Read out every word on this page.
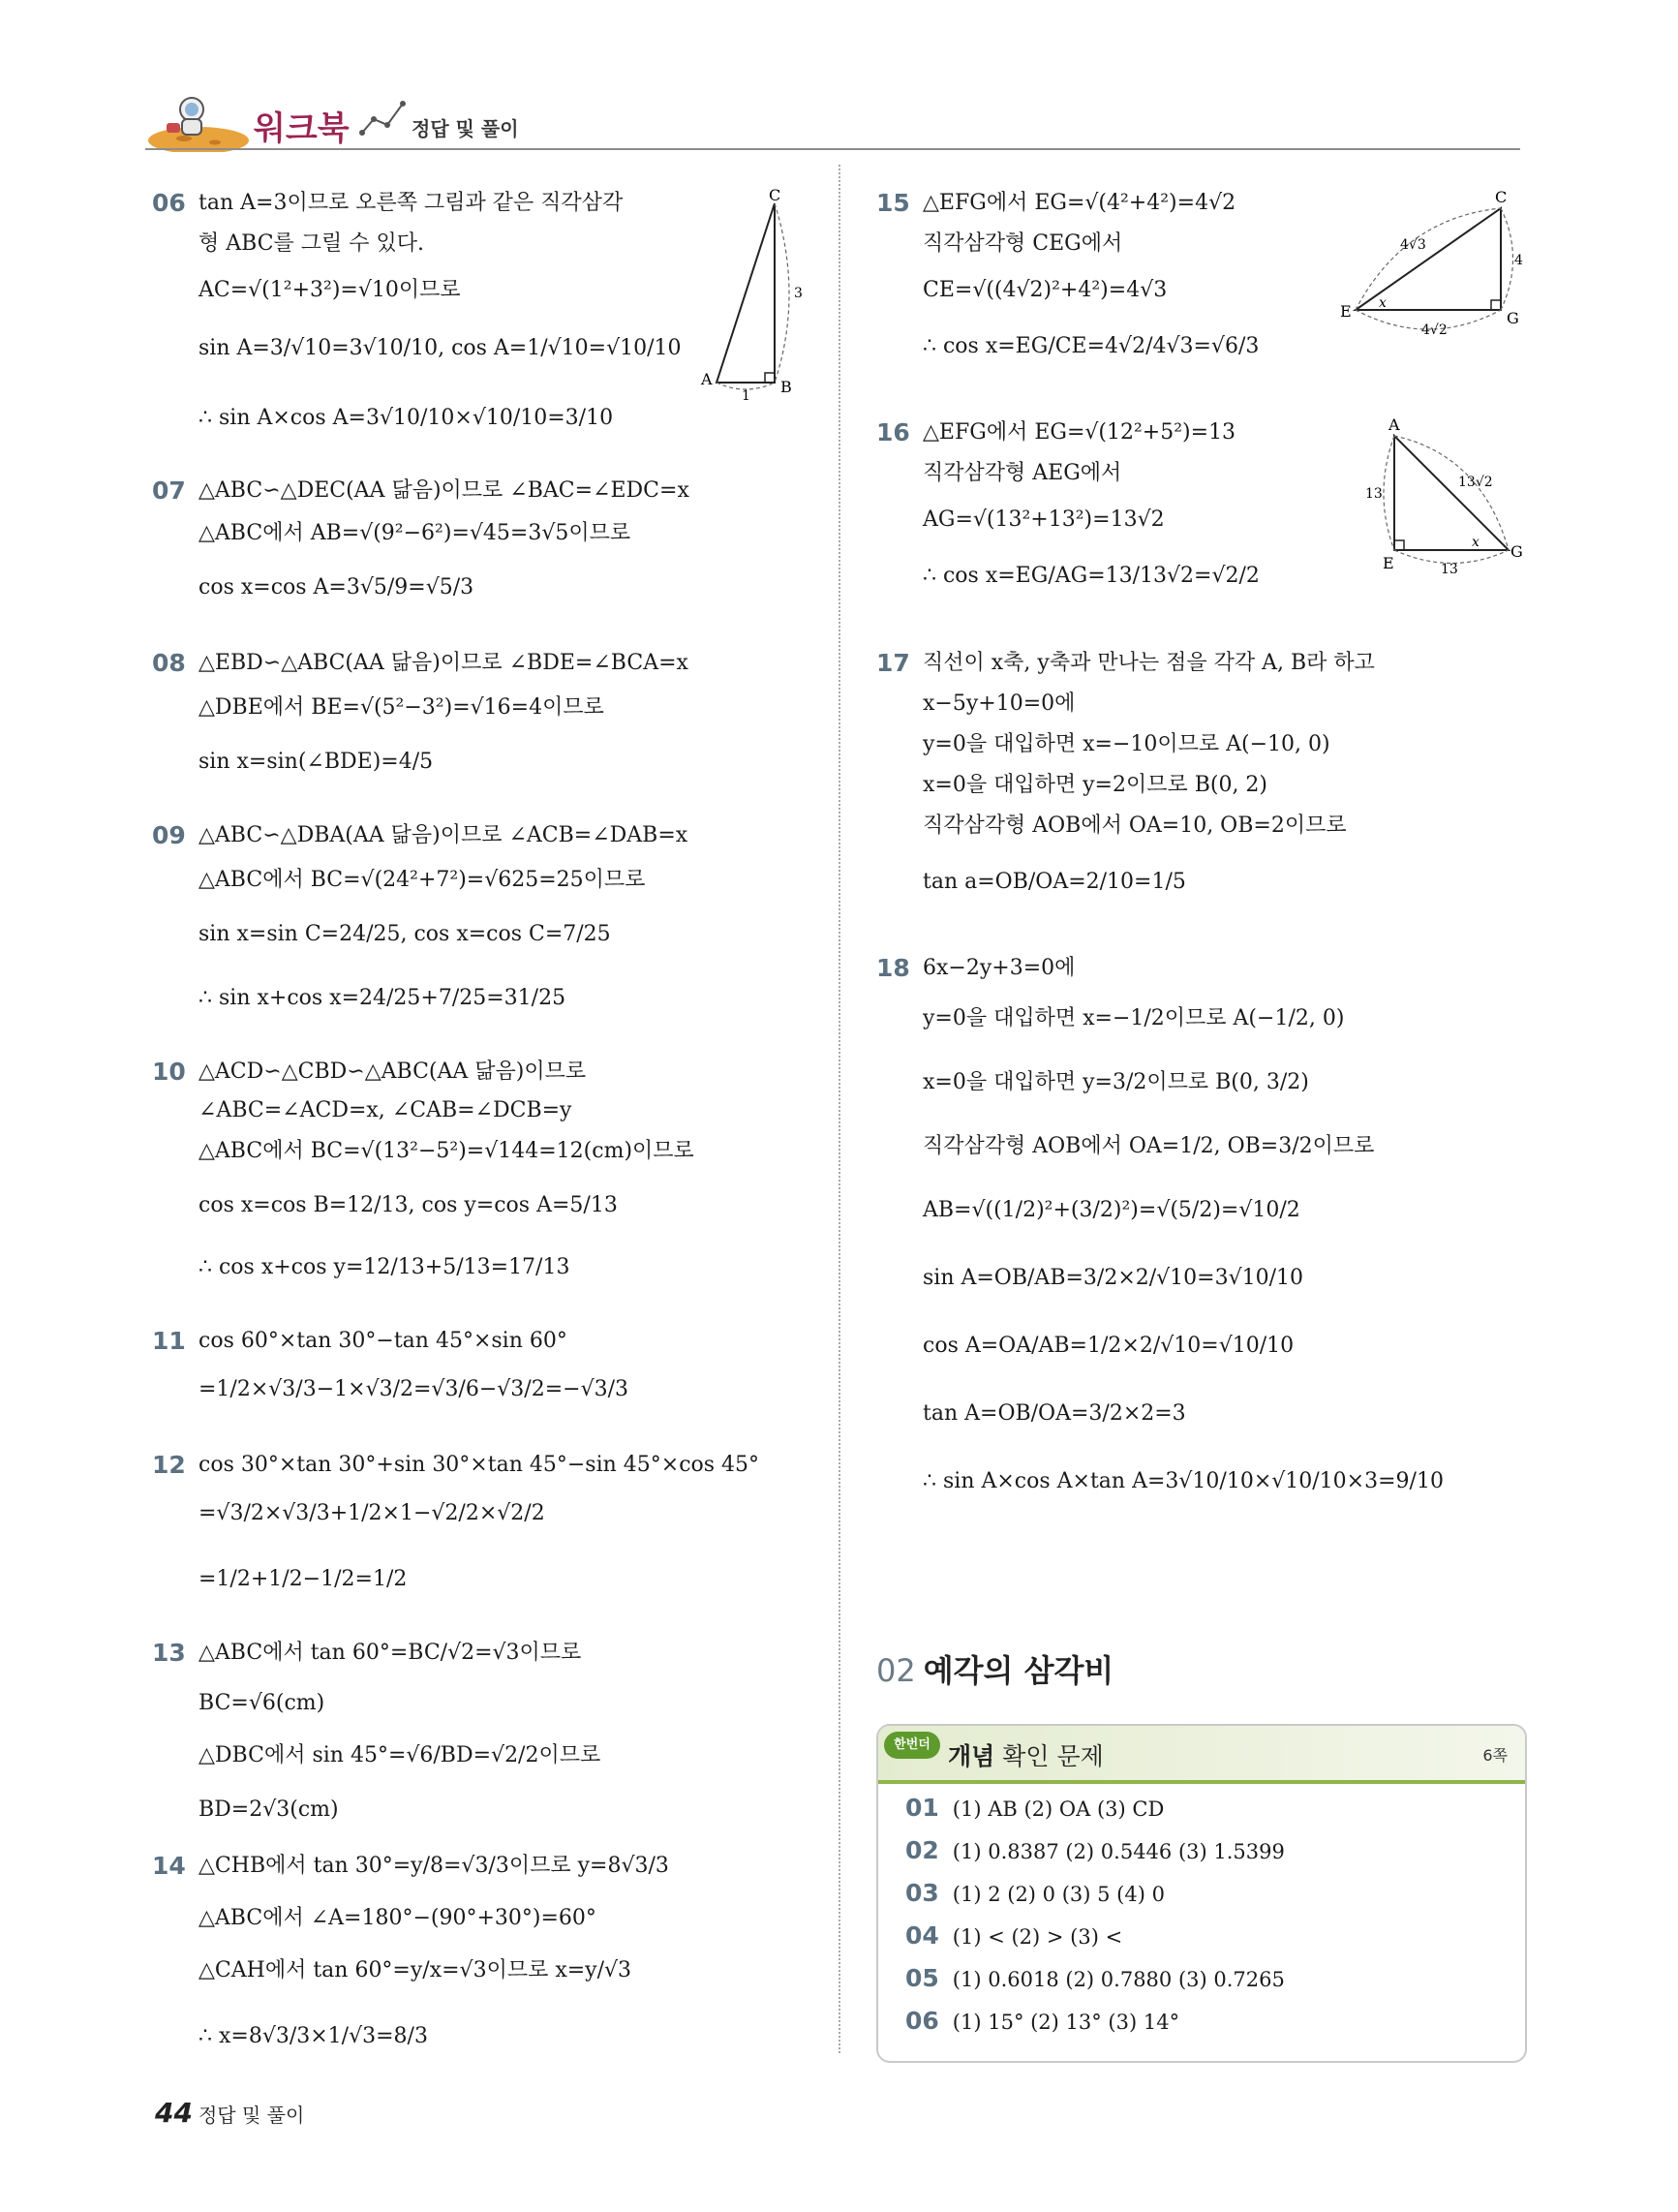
워크북	정답 및 풀이
06 tan A=3이므로 오른쪽 그림과 같은 직각삼각
형 ABC를 그릴 수 있다.
AC=√(1²+3²)=√10이므로
sin A=3/√10=3√10/10, cos A=1/√10=√10/10
∴ sin A×cos A=3√10/10×√10/10=3/10
C
A	B
3
1
07 △ABC∽△DEC(AA 닮음)이므로 ∠BAC=∠EDC=x
△ABC에서 AB=√(9²−6²)=√45=3√5이므로
cos x=cos A=3√5/9=√5/3
08 △EBD∽△ABC(AA 닮음)이므로 ∠BDE=∠BCA=x
△DBE에서 BE=√(5²−3²)=√16=4이므로
sin x=sin(∠BDE)=4/5
09 △ABC∽△DBA(AA 닮음)이므로 ∠ACB=∠DAB=x
△ABC에서 BC=√(24²+7²)=√625=25이므로
sin x=sin C=24/25, cos x=cos C=7/25
∴ sin x+cos x=24/25+7/25=31/25
10 △ACD∽△CBD∽△ABC(AA 닮음)이므로
∠ABC=∠ACD=x, ∠CAB=∠DCB=y
△ABC에서 BC=√(13²−5²)=√144=12(cm)이므로
cos x=cos B=12/13, cos y=cos A=5/13
∴ cos x+cos y=12/13+5/13=17/13
11 cos 60°×tan 30°−tan 45°×sin 60°
=1/2×√3/3−1×√3/2=√3/6−√3/2=−√3/3
12 cos 30°×tan 30°+sin 30°×tan 45°−sin 45°×cos 45°
=√3/2×√3/3+1/2×1−√2/2×√2/2
=1/2+1/2−1/2=1/2
13 △ABC에서 tan 60°=BC/√2=√3이므로
BC=√6(cm)
△DBC에서 sin 45°=√6/BD=√2/2이므로
BD=2√3(cm)
14 △CHB에서 tan 30°=y/8=√3/3이므로 y=8√3/3
△ABC에서 ∠A=180°−(90°+30°)=60°
△CAH에서 tan 60°=y/x=√3이므로 x=y/√3
∴ x=8√3/3×1/√3=8/3
15 △EFG에서 EG=√(4²+4²)=4√2
직각삼각형 CEG에서
CE=√((4√2)²+4²)=4√3
∴ cos x=EG/CE=4√2/4√3=√6/3
C
E	G
x
4√3
4
4√2
16 △EFG에서 EG=√(12²+5²)=13
직각삼각형 AEG에서
AG=√(13²+13²)=13√2
∴ cos x=EG/AG=13/13√2=√2/2
A
E
G
x
13
13√2
13
17 직선이 x축, y축과 만나는 점을 각각 A, B라 하고
x−5y+10=0에
y=0을 대입하면 x=−10이므로 A(−10, 0)
x=0을 대입하면 y=2이므로 B(0, 2)
직각삼각형 AOB에서 OA=10, OB=2이므로
tan a=OB/OA=2/10=1/5
18 6x−2y+3=0에
y=0을 대입하면 x=−1/2이므로 A(−1/2, 0)
x=0을 대입하면 y=3/2이므로 B(0, 3/2)
직각삼각형 AOB에서 OA=1/2, OB=3/2이므로
AB=√((1/2)²+(3/2)²)=√(5/2)=√10/2
sin A=OB/AB=3/2×2/√10=3√10/10
cos A=OA/AB=1/2×2/√10=√10/10
tan A=OB/OA=3/2×2=3
∴ sin A×cos A×tan A=3√10/10×√10/10×3=9/10
02 예각의 삼각비
한번더 개념 확인 문제	6쪽
01 (1) AB (2) OA (3) CD
02 (1) 0.8387 (2) 0.5446 (3) 1.5399
03 (1) 2 (2) 0 (3) 5 (4) 0
04 (1) < (2) > (3) <
05 (1) 0.6018 (2) 0.7880 (3) 0.7265
06 (1) 15° (2) 13° (3) 14°
44 정답 및 풀이
